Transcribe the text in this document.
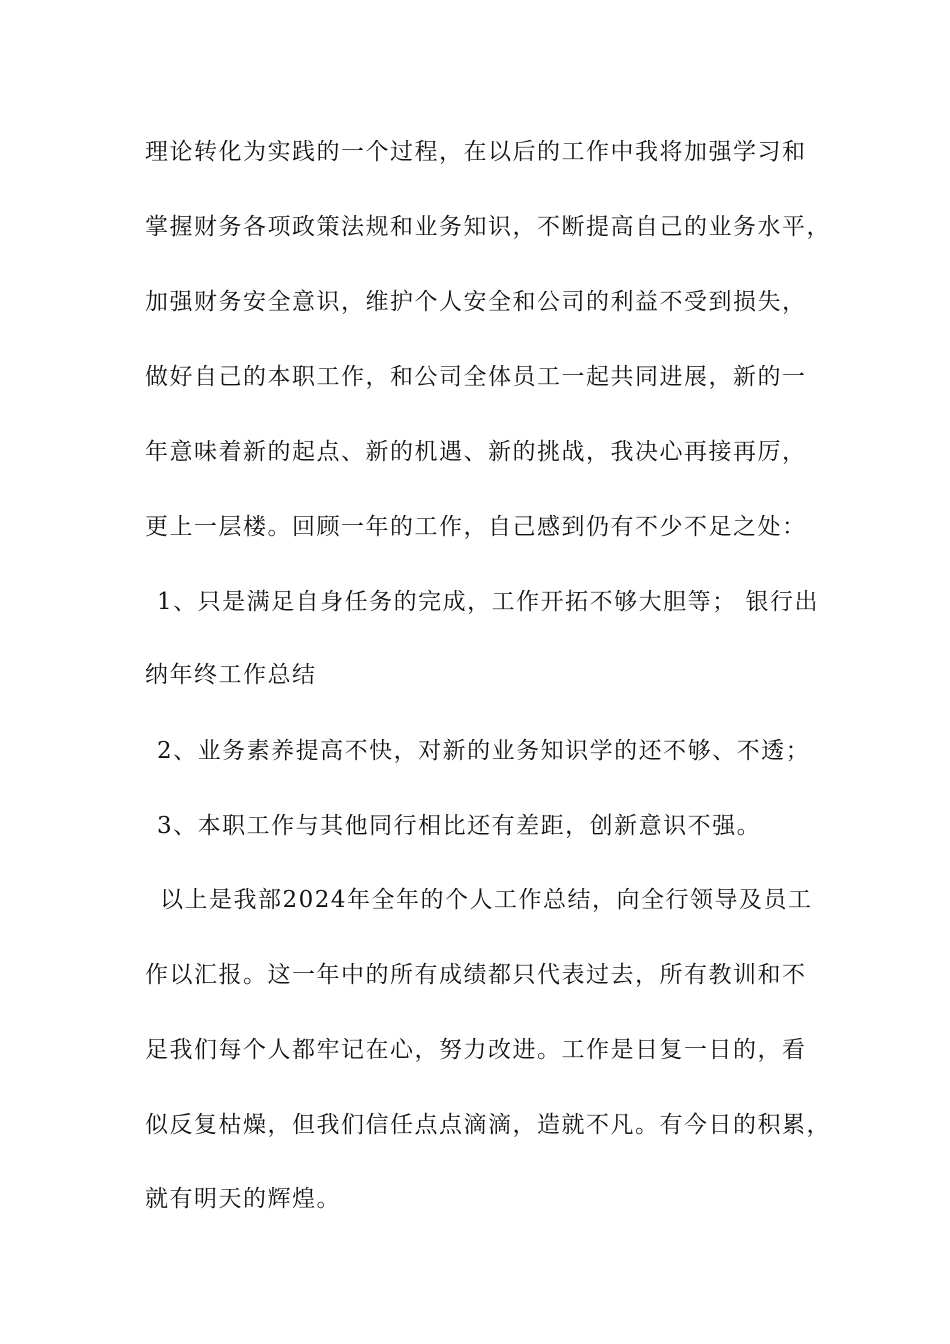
理论转化为实践的一个过程，在以后的工作中我将加强学习和
掌握财务各项政策法规和业务知识，不断提高自己的业务水平，
加强财务安全意识，维护个人安全和公司的利益不受到损失，
做好自己的本职工作，和公司全体员工一起共同进展，新的一
年意味着新的起点、新的机遇、新的挑战，我决心再接再厉，
更上一层楼。回顾一年的工作，自己感到仍有不少不足之处：
1、只是满足自身任务的完成，工作开拓不够大胆等； 银行出
纳年终工作总结
2、业务素养提高不快，对新的业务知识学的还不够、不透；
3、本职工作与其他同行相比还有差距，创新意识不强。
以上是我部2024年全年的个人工作总结，向全行领导及员工
作以汇报。这一年中的所有成绩都只代表过去，所有教训和不
足我们每个人都牢记在心，努力改进。工作是日复一日的，看
似反复枯燥，但我们信任点点滴滴，造就不凡。有今日的积累，
就有明天的辉煌。
